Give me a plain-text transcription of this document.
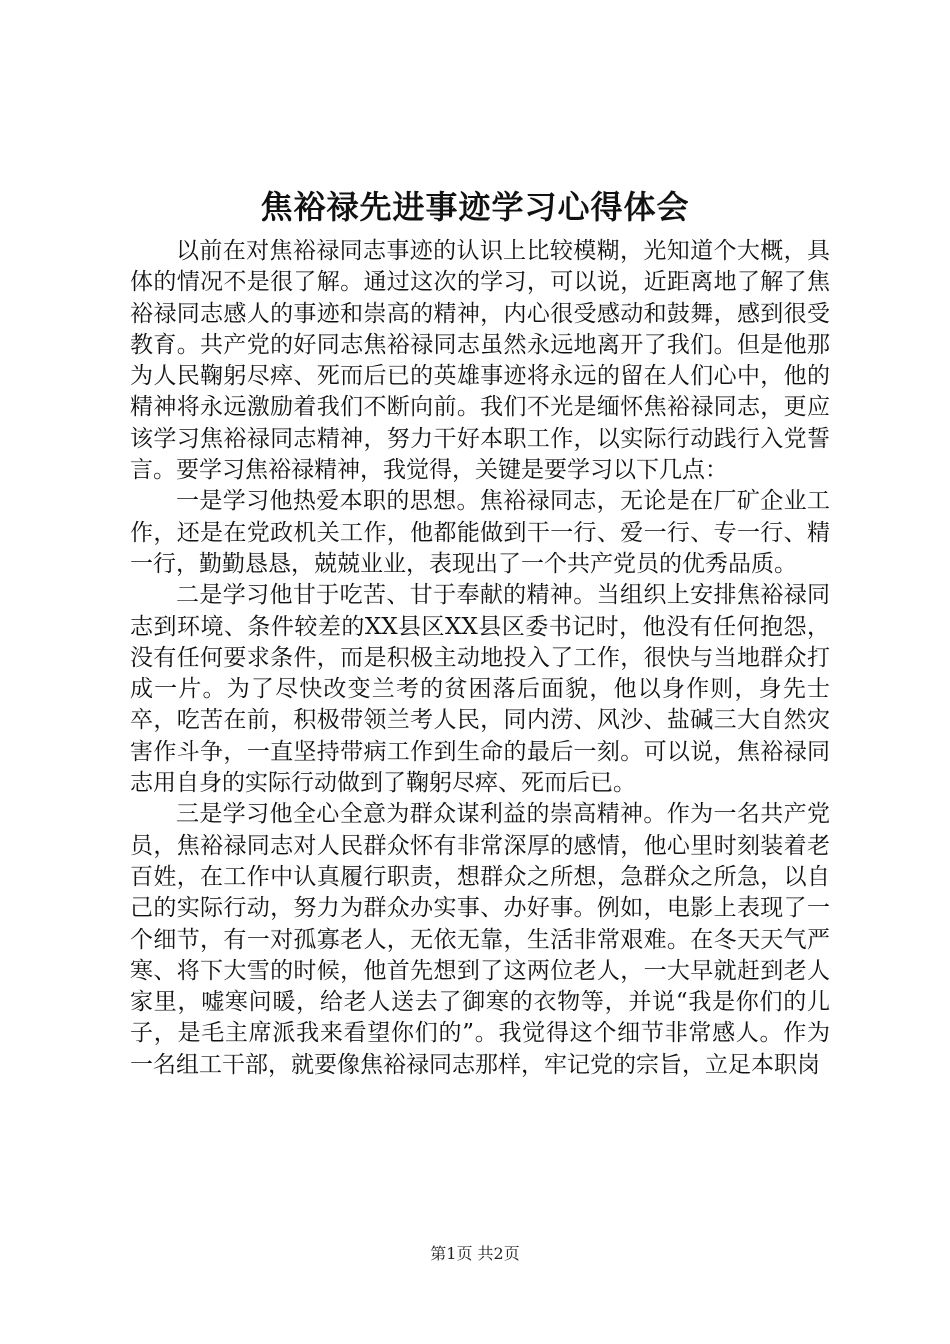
焦裕禄先进事迹学习心得体会

以前在对焦裕禄同志事迹的认识上比较模糊，光知道个大概，具体的情况不是很了解。通过这次的学习，可以说，近距离地了解了焦裕禄同志感人的事迹和崇高的精神，内心很受感动和鼓舞，感到很受教育。共产党的好同志焦裕禄同志虽然永远地离开了我们。但是他那为人民鞠躬尽瘁、死而后已的英雄事迹将永远的留在人们心中，他的精神将永远激励着我们不断向前。我们不光是缅怀焦裕禄同志，更应该学习焦裕禄同志精神，努力干好本职工作，以实际行动践行入党誓言。要学习焦裕禄精神，我觉得，关键是要学习以下几点：

一是学习他热爱本职的思想。焦裕禄同志，无论是在厂矿企业工作，还是在党政机关工作，他都能做到干一行、爱一行、专一行、精一行，勤勤恳恳，兢兢业业，表现出了一个共产党员的优秀品质。

二是学习他甘于吃苦、甘于奉献的精神。当组织上安排焦裕禄同志到环境、条件较差的XX县区XX县区委书记时，他没有任何抱怨，没有任何要求条件，而是积极主动地投入了工作，很快与当地群众打成一片。为了尽快改变兰考的贫困落后面貌，他以身作则，身先士卒，吃苦在前，积极带领兰考人民，同内涝、风沙、盐碱三大自然灾害作斗争，一直坚持带病工作到生命的最后一刻。可以说，焦裕禄同志用自身的实际行动做到了鞠躬尽瘁、死而后已。

三是学习他全心全意为群众谋利益的崇高精神。作为一名共产党员，焦裕禄同志对人民群众怀有非常深厚的感情，他心里时刻装着老百姓，在工作中认真履行职责，想群众之所想，急群众之所急，以自己的实际行动，努力为群众办实事、办好事。例如，电影上表现了一个细节，有一对孤寡老人，无依无靠，生活非常艰难。在冬天天气严寒、将下大雪的时候，他首先想到了这两位老人，一大早就赶到老人家里，嘘寒问暖，给老人送去了御寒的衣物等，并说“我是你们的儿子，是毛主席派我来看望你们的”。我觉得这个细节非常感人。作为一名组工干部，就要像焦裕禄同志那样，牢记党的宗旨，立足本职岗

第1页 共2页
